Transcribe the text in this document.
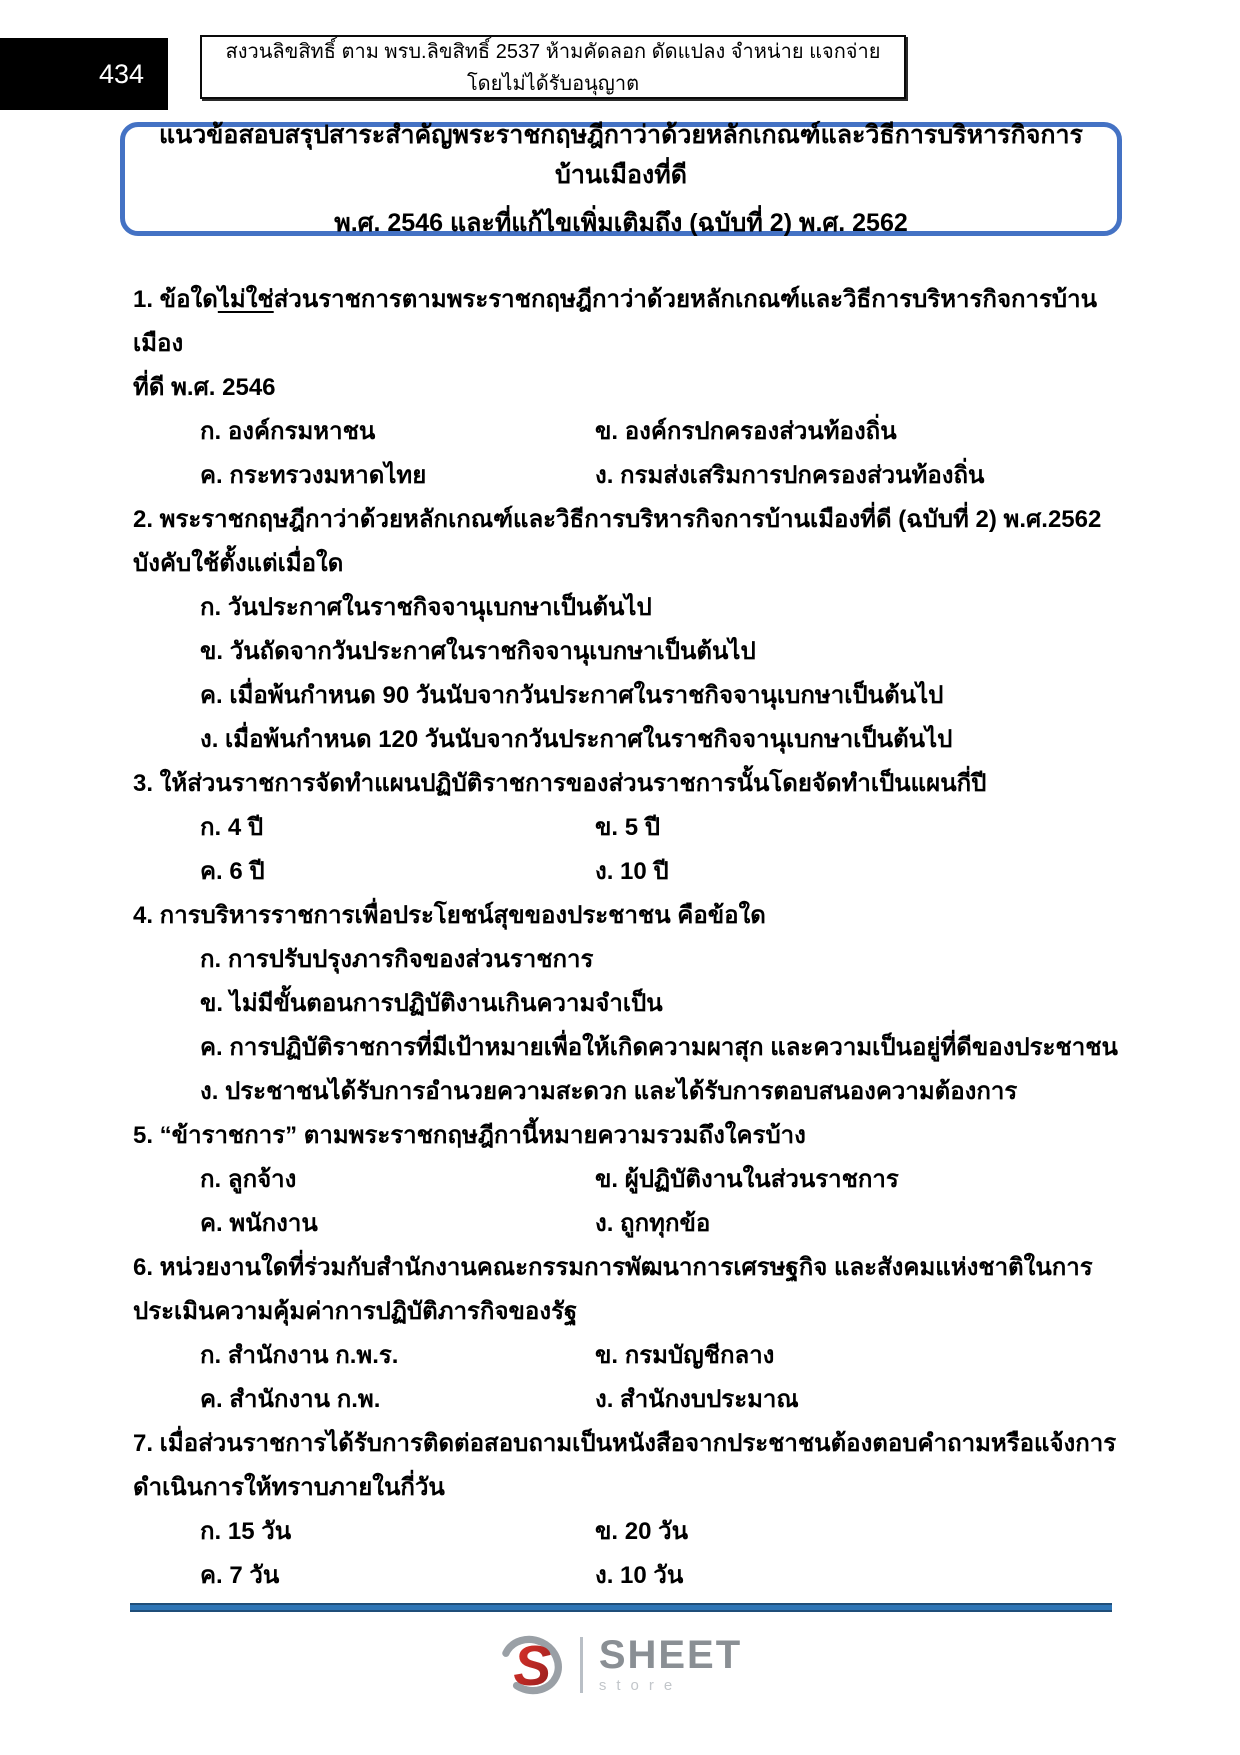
434
สงวนลิขสิทธิ์ ตาม พรบ.ลิขสิทธิ์ 2537 ห้ามคัดลอก ดัดแปลง จำหน่าย แจกจ่าย โดยไม่ได้รับอนุญาต
แนวข้อสอบสรุปสาระสำคัญพระราชกฤษฎีกาว่าด้วยหลักเกณฑ์และวิธีการบริหารกิจการบ้านเมืองที่ดี
พ.ศ. 2546 และที่แก้ไขเพิ่มเติมถึง (ฉบับที่ 2) พ.ศ. 2562
1. ข้อใดไม่ใช่ส่วนราชการตามพระราชกฤษฎีกาว่าด้วยหลักเกณฑ์และวิธีการบริหารกิจการบ้านเมือง
ที่ดี พ.ศ. 2546
ก. องค์กรมหาชน	ข. องค์กรปกครองส่วนท้องถิ่น
ค. กระทรวงมหาดไทย	ง. กรมส่งเสริมการปกครองส่วนท้องถิ่น
2. พระราชกฤษฎีกาว่าด้วยหลักเกณฑ์และวิธีการบริหารกิจการบ้านเมืองที่ดี (ฉบับที่ 2) พ.ศ.2562
บังคับใช้ตั้งแต่เมื่อใด
ก. วันประกาศในราชกิจจานุเบกษาเป็นต้นไป
ข. วันถัดจากวันประกาศในราชกิจจานุเบกษาเป็นต้นไป
ค. เมื่อพ้นกำหนด 90 วันนับจากวันประกาศในราชกิจจานุเบกษาเป็นต้นไป
ง. เมื่อพ้นกำหนด 120 วันนับจากวันประกาศในราชกิจจานุเบกษาเป็นต้นไป
3. ให้ส่วนราชการจัดทำแผนปฏิบัติราชการของส่วนราชการนั้นโดยจัดทำเป็นแผนกี่ปี
ก. 4 ปี	ข. 5 ปี
ค. 6 ปี	ง. 10 ปี
4. การบริหารราชการเพื่อประโยชน์สุขของประชาชน คือข้อใด
ก. การปรับปรุงภารกิจของส่วนราชการ
ข. ไม่มีขั้นตอนการปฏิบัติงานเกินความจำเป็น
ค. การปฏิบัติราชการที่มีเป้าหมายเพื่อให้เกิดความผาสุก และความเป็นอยู่ที่ดีของประชาชน
ง. ประชาชนได้รับการอำนวยความสะดวก และได้รับการตอบสนองความต้องการ
5. “ข้าราชการ” ตามพระราชกฤษฎีกานี้หมายความรวมถึงใครบ้าง
ก. ลูกจ้าง	ข. ผู้ปฏิบัติงานในส่วนราชการ
ค. พนักงาน	ง. ถูกทุกข้อ
6. หน่วยงานใดที่ร่วมกับสำนักงานคณะกรรมการพัฒนาการเศรษฐกิจ และสังคมแห่งชาติในการ
ประเมินความคุ้มค่าการปฏิบัติภารกิจของรัฐ
ก. สำนักงาน ก.พ.ร.	ข. กรมบัญชีกลาง
ค. สำนักงาน ก.พ.	ง. สำนักงบประมาณ
7. เมื่อส่วนราชการได้รับการติดต่อสอบถามเป็นหนังสือจากประชาชนต้องตอบคำถามหรือแจ้งการ
ดำเนินการให้ทราบภายในกี่วัน
ก. 15 วัน	ข. 20 วัน
ค. 7 วัน	ง. 10 วัน
S SHEET
store
